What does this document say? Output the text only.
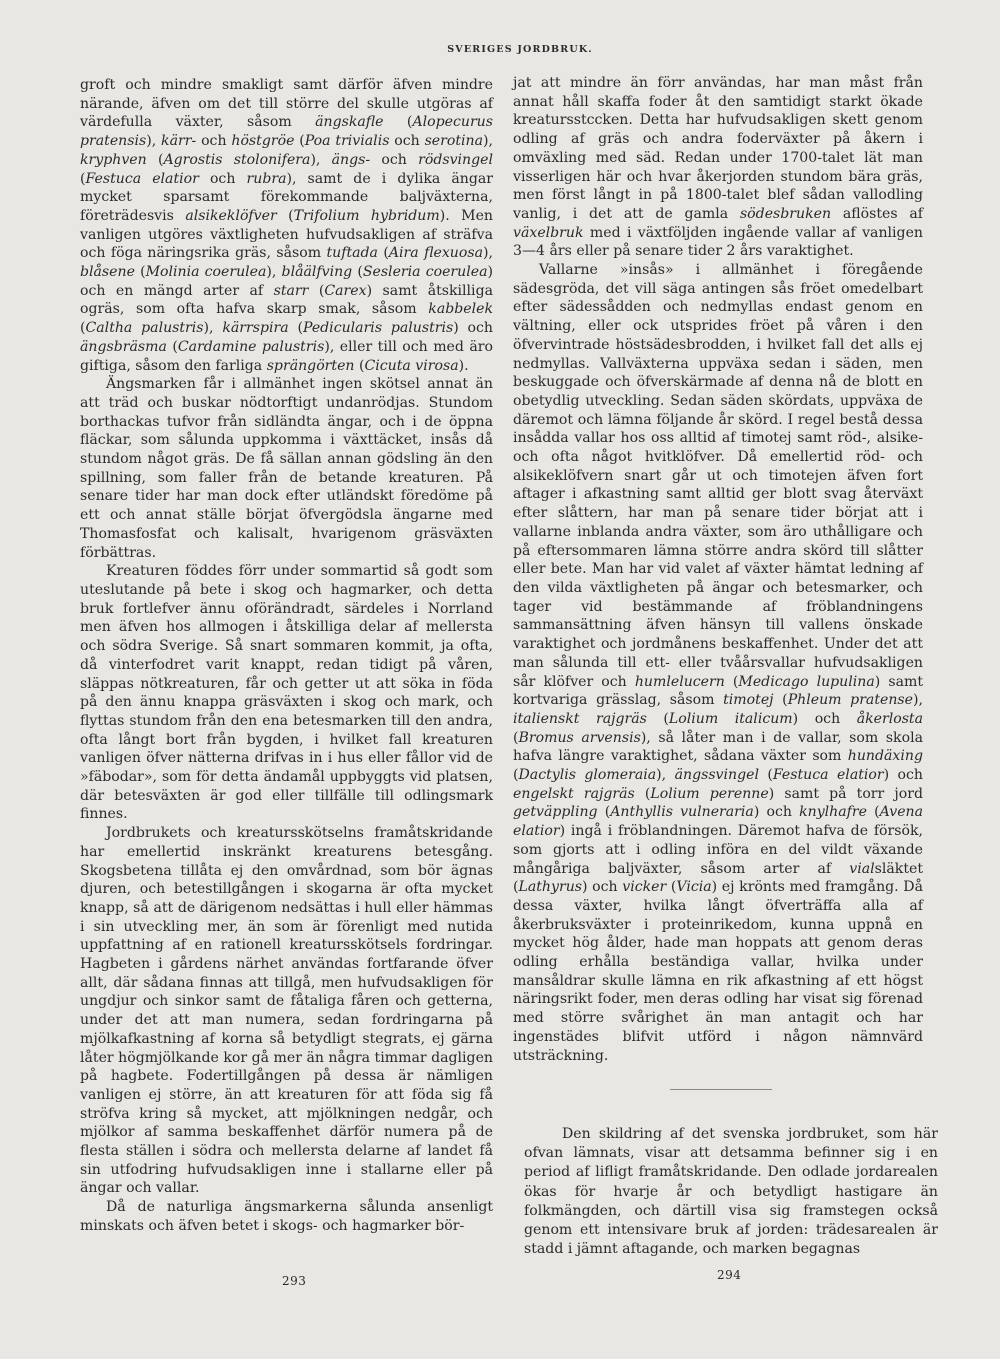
SVERIGES JORDBRUK.

groft och mindre smakligt samt därför äfven mindre närande, äfven om det till större del skulle utgöras af värdefulla växter, såsom ängskafle (Alopecurus pratensis), kärr- och höstgröe (Poa trivialis och serotina), kryphven (Agrostis stolonifera), ängs- och rödsvingel (Festuca elatior och rubra), samt de i dylika ängar mycket sparsamt förekommande baljväxterna, företrädesvis alsikeklöfver (Trifolium hybridum). Men vanligen utgöres växtligheten hufvudsakligen af sträfva och föga näringsrika gräs, såsom tuftada (Aira flexuosa), blåsene (Molinia coerulea), blåälfving (Sesleria coerulea) och en mängd arter af starr (Carex) samt åtskilliga ogräs, som ofta hafva skarp smak, såsom kabbelek (Caltha palustris), kärrspira (Pedicularis palustris) och ängsbräsma (Cardamine palustris), eller till och med äro giftiga, såsom den farliga sprängörten (Cicuta virosa).

Ängsmarken får i allmänhet ingen skötsel annat än att träd och buskar nödtorftigt undanrödjas. Stundom borthackas tufvor från sidländta ängar, och i de öppna fläckar, som sålunda uppkomma i växttäcket, insås då stundom något gräs. De få sällan annan gödsling än den spillning, som faller från de betande kreaturen. På senare tider har man dock efter utländskt föredöme på ett och annat ställe börjat öfvergödsla ängarne med Thomasfosfat och kalisalt, hvarigenom gräsväxten förbättras.

Kreaturen föddes förr under sommartid så godt som uteslutande på bete i skog och hagmarker, och detta bruk fortlefver ännu oförändradt, särdeles i Norrland men äfven hos allmogen i åtskilliga delar af mellersta och södra Sverige. Så snart sommaren kommit, ja ofta, då vinterfodret varit knappt, redan tidigt på våren, släppas nötkreaturen, får och getter ut att söka in föda på den ännu knappa gräsväxten i skog och mark, och flyttas stundom från den ena betesmarken till den andra, ofta långt bort från bygden, i hvilket fall kreaturen vanligen öfver nätterna drifvas in i hus eller fållor vid de »fäbodar», som för detta ändamål uppbyggts vid platsen, där betesväxten är god eller tillfälle till odlingsmark finnes.

Jordbrukets och kreatursskötselns framåtskridande har emellertid inskränkt kreaturens betesgång. Skogsbetena tillåta ej den omvårdnad, som bör ägnas djuren, och betestillgången i skogarna är ofta mycket knapp, så att de därigenom nedsättas i hull eller hämmas i sin utveckling mer, än som är förenligt med nutida uppfattning af en rationell kreatursskötsels fordringar. Hagbeten i gårdens närhet användas fortfarande öfver allt, där sådana finnas att tillgå, men hufvudsakligen för ungdjur och sinkor samt de fåtaliga fåren och getterna, under det att man numera, sedan fordringarna på mjölkafkastning af korna så betydligt stegrats, ej gärna låter högmjölkande kor gå mer än några timmar dagligen på hagbete. Fodertillgången på dessa är nämligen vanligen ej större, än att kreaturen för att föda sig få ströfva kring så mycket, att mjölkningen nedgår, och mjölkor af samma beskaffenhet därför numera på de flesta ställen i södra och mellersta delarne af landet få sin utfodring hufvudsakligen inne i stallarne eller på ängar och vallar.

Då de naturliga ängsmarkerna sålunda ansenligt minskats och äfven betet i skogs- och hagmarker bör-

jat att mindre än förr användas, har man måst från annat håll skaffa foder åt den samtidigt starkt ökade kreatursstccken. Detta har hufvudsakligen skett genom odling af gräs och andra foderväxter på åkern i omväxling med säd. Redan under 1700-talet lät man visserligen här och hvar åkerjorden stundom bära gräs, men först långt in på 1800-talet blef sådan vallodling vanlig, i det att de gamla södesbruken aflöstes af växelbruk med i växtföljden ingående vallar af vanligen 3—4 års eller på senare tider 2 års varaktighet.

Vallarne »insås» i allmänhet i föregående sädesgröda, det vill säga antingen sås fröet omedelbart efter sädessådden och nedmyllas endast genom en vältning, eller ock utsprides fröet på våren i den öfvervintrade höstsädesbrodden, i hvilket fall det alls ej nedmyllas. Vallväxterna uppväxa sedan i säden, men beskuggade och öfverskärmade af denna nå de blott en obetydlig utveckling. Sedan säden skördats, uppväxa de däremot och lämna följande år skörd. I regel bestå dessa insådda vallar hos oss alltid af timotej samt röd-, alsike- och ofta något hvitklöfver. Då emellertid röd- och alsikeklöfvern snart går ut och timotejen äfven fort aftager i afkastning samt alltid ger blott svag återväxt efter slåttern, har man på senare tider börjat att i vallarne inblanda andra växter, som äro uthålligare och på eftersommaren lämna större andra skörd till slåtter eller bete. Man har vid valet af växter hämtat ledning af den vilda växtligheten på ängar och betesmarker, och tager vid bestämmande af fröblandningens sammansättning äfven hänsyn till vallens önskade varaktighet och jordmånens beskaffenhet. Under det att man sålunda till ett- eller tvåårsvallar hufvudsakligen sår klöfver och humlelucern (Medicago lupulina) samt kortvariga grässlag, såsom timotej (Phleum pratense), italienskt rajgräs (Lolium italicum) och åkerlosta (Bromus arvensis), så låter man i de vallar, som skola hafva längre varaktighet, sådana växter som hundäxing (Dactylis glomeraia), ängssvingel (Festuca elatior) och engelskt rajgräs (Lolium perenne) samt på torr jord getväppling (Anthyllis vulneraria) och knylhafre (Avena elatior) ingå i fröblandningen. Däremot hafva de försök, som gjorts att i odling införa en del vildt växande mångåriga baljväxter, såsom arter af vialsläktet (Lathyrus) och vicker (Vicia) ej krönts med framgång. Då dessa växter, hvilka långt öfverträffa alla af åkerbruksväxter i proteinrikedom, kunna uppnå en mycket hög ålder, hade man hoppats att genom deras odling erhålla beständiga vallar, hvilka under mansåldrar skulle lämna en rik afkastning af ett högst näringsrikt foder, men deras odling har visat sig förenad med större svårighet än man antagit och har ingenstädes blifvit utförd i någon nämnvärd utsträckning.

Den skildring af det svenska jordbruket, som här ofvan lämnats, visar att detsamma befinner sig i en period af lifligt framåtskridande. Den odlade jordarealen ökas för hvarje år och betydligt hastigare än folkmängden, och därtill visa sig framstegen också genom ett intensivare bruk af jorden: trädesarealen är stadd i jämnt aftagande, och marken begagnas

293	294
